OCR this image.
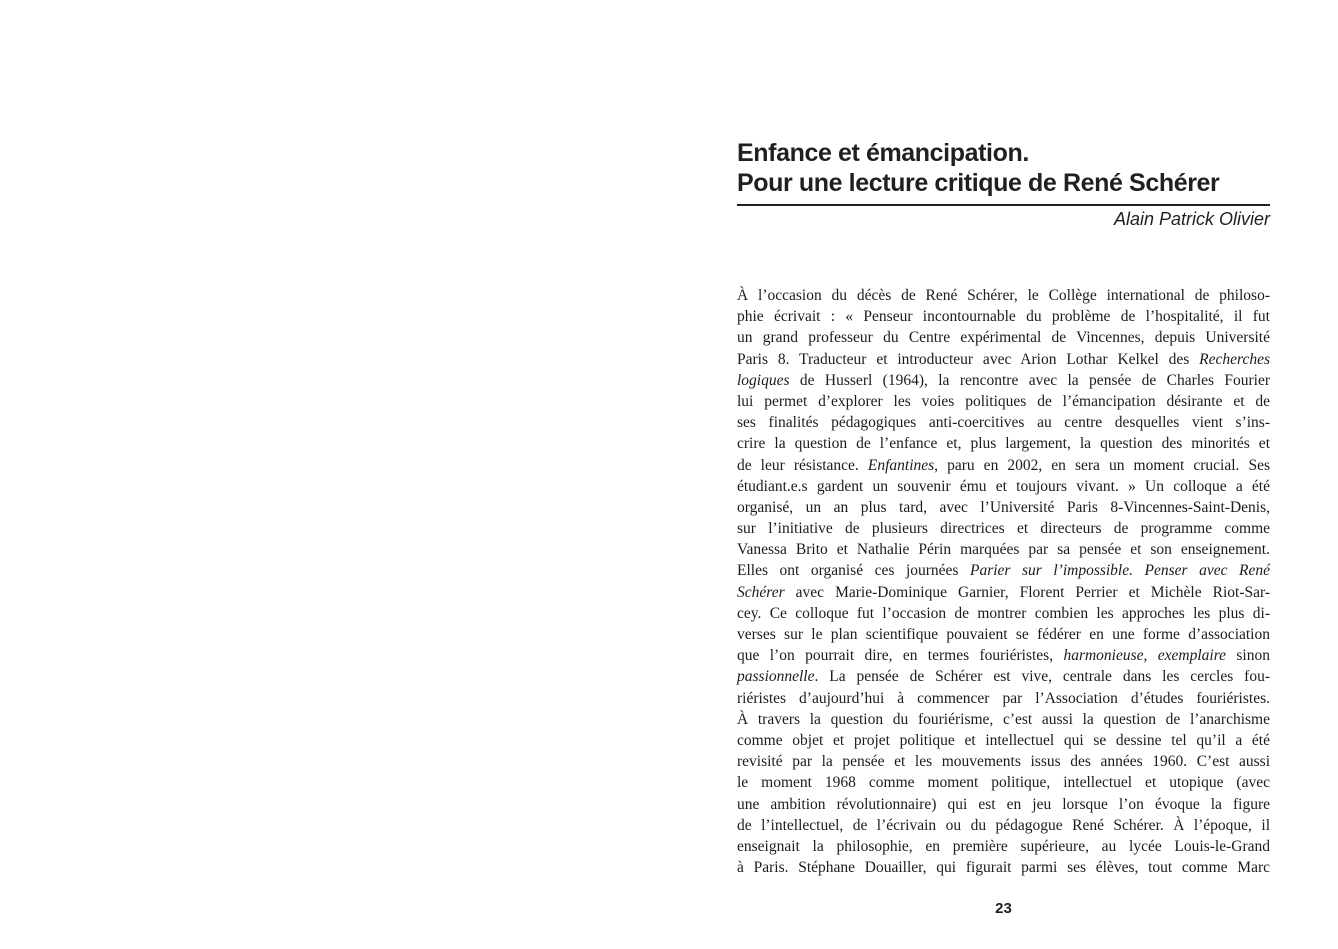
Enfance et émancipation.
Pour une lecture critique de René Schérer
Alain Patrick Olivier
À l’occasion du décès de René Schérer, le Collège international de philoso-
phie écrivait : « Penseur incontournable du problème de l’hospitalité, il fut
un grand professeur du Centre expérimental de Vincennes, depuis Université
Paris 8. Traducteur et introducteur avec Arion Lothar Kelkel des Recherches
logiques de Husserl (1964), la rencontre avec la pensée de Charles Fourier
lui permet d’explorer les voies politiques de l’émancipation désirante et de
ses finalités pédagogiques anti-coercitives au centre desquelles vient s’ins-
crire la question de l’enfance et, plus largement, la question des minorités et
de leur résistance. Enfantines, paru en 2002, en sera un moment crucial. Ses
étudiant.e.s gardent un souvenir ému et toujours vivant. » Un colloque a été
organisé, un an plus tard, avec l’Université Paris 8-Vincennes-Saint-Denis,
sur l’initiative de plusieurs directrices et directeurs de programme comme
Vanessa Brito et Nathalie Périn marquées par sa pensée et son enseignement.
Elles ont organisé ces journées Parier sur l’impossible. Penser avec René
Schérer avec Marie-Dominique Garnier, Florent Perrier et Michèle Riot-Sar-
cey. Ce colloque fut l’occasion de montrer combien les approches les plus di-
verses sur le plan scientifique pouvaient se fédérer en une forme d’association
que l’on pourrait dire, en termes fouriéristes, harmonieuse, exemplaire sinon
passionnelle. La pensée de Schérer est vive, centrale dans les cercles fou-
riéristes d’aujourd’hui à commencer par l’Association d’études fouriéristes.
À travers la question du fouriérisme, c’est aussi la question de l’anarchisme
comme objet et projet politique et intellectuel qui se dessine tel qu’il a été
revisité par la pensée et les mouvements issus des années 1960. C’est aussi
le moment 1968 comme moment politique, intellectuel et utopique (avec
une ambition révolutionnaire) qui est en jeu lorsque l’on évoque la figure
de l’intellectuel, de l’écrivain ou du pédagogue René Schérer. À l’époque, il
enseignait la philosophie, en première supérieure, au lycée Louis-le-Grand
à Paris. Stéphane Douailler, qui figurait parmi ses élèves, tout comme Marc
23
